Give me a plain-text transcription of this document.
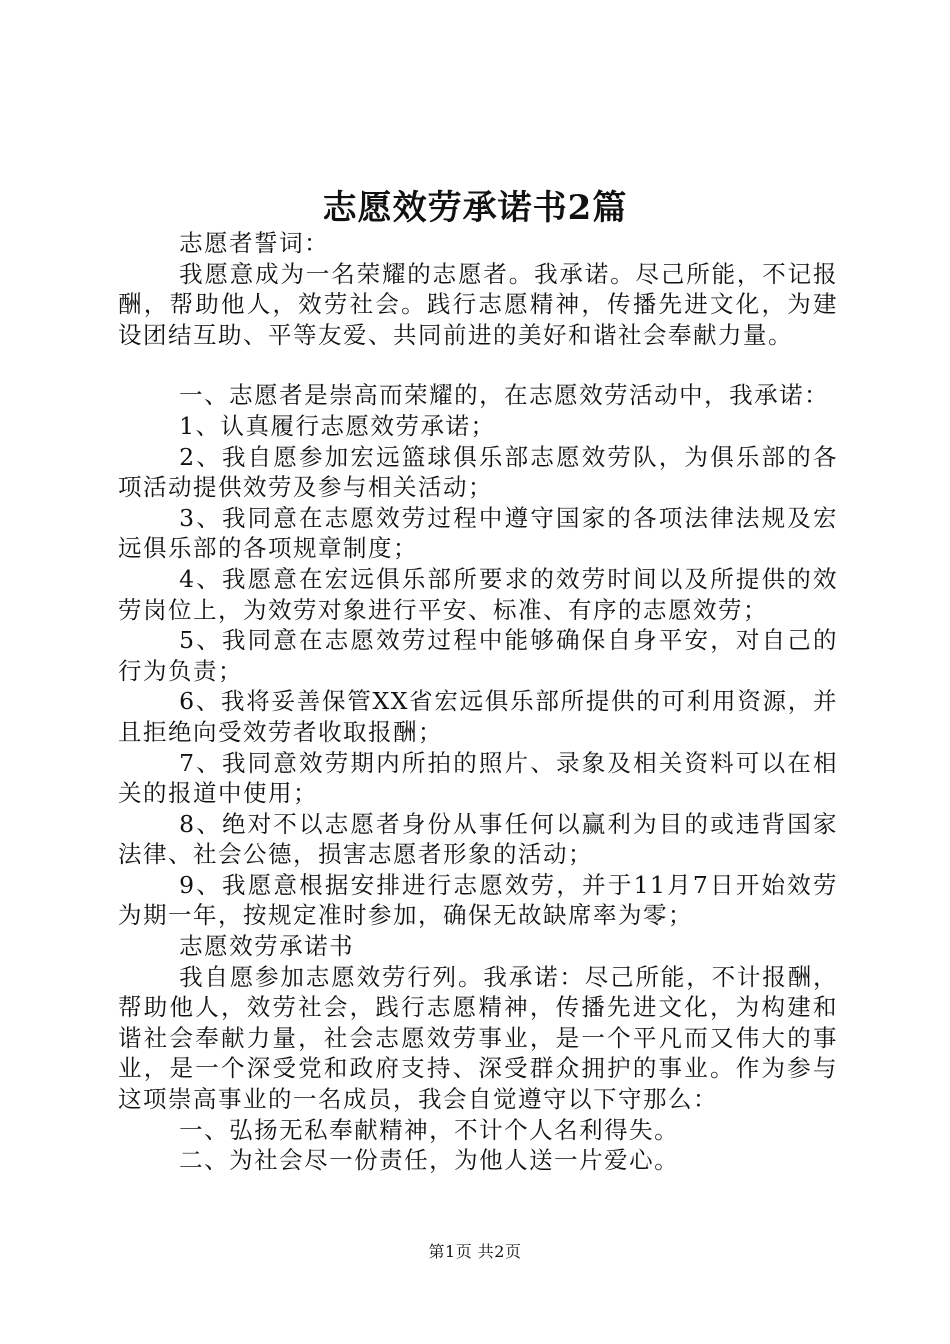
志愿效劳承诺书2篇

志愿者誓词：

我愿意成为一名荣耀的志愿者。我承诺。尽己所能，不记报酬，帮助他人，效劳社会。践行志愿精神，传播先进文化，为建设团结互助、平等友爱、共同前进的美好和谐社会奉献力量。

一、志愿者是崇高而荣耀的，在志愿效劳活动中，我承诺：

1、认真履行志愿效劳承诺；

2、我自愿参加宏远篮球俱乐部志愿效劳队，为俱乐部的各项活动提供效劳及参与相关活动；

3、我同意在志愿效劳过程中遵守国家的各项法律法规及宏远俱乐部的各项规章制度；

4、我愿意在宏远俱乐部所要求的效劳时间以及所提供的效劳岗位上，为效劳对象进行平安、标准、有序的志愿效劳；

5、我同意在志愿效劳过程中能够确保自身平安，对自己的行为负责；

6、我将妥善保管XX省宏远俱乐部所提供的可利用资源，并且拒绝向受效劳者收取报酬；

7、我同意效劳期内所拍的照片、录象及相关资料可以在相关的报道中使用；

8、绝对不以志愿者身份从事任何以赢利为目的或违背国家法律、社会公德，损害志愿者形象的活动；

9、我愿意根据安排进行志愿效劳，并于11月7日开始效劳为期一年，按规定准时参加，确保无故缺席率为零；

志愿效劳承诺书

我自愿参加志愿效劳行列。我承诺：尽己所能，不计报酬，帮助他人，效劳社会，践行志愿精神，传播先进文化，为构建和谐社会奉献力量，社会志愿效劳事业，是一个平凡而又伟大的事业，是一个深受党和政府支持、深受群众拥护的事业。作为参与这项崇高事业的一名成员，我会自觉遵守以下守那么：

一、弘扬无私奉献精神，不计个人名利得失。

二、为社会尽一份责任，为他人送一片爱心。

第1页 共2页
